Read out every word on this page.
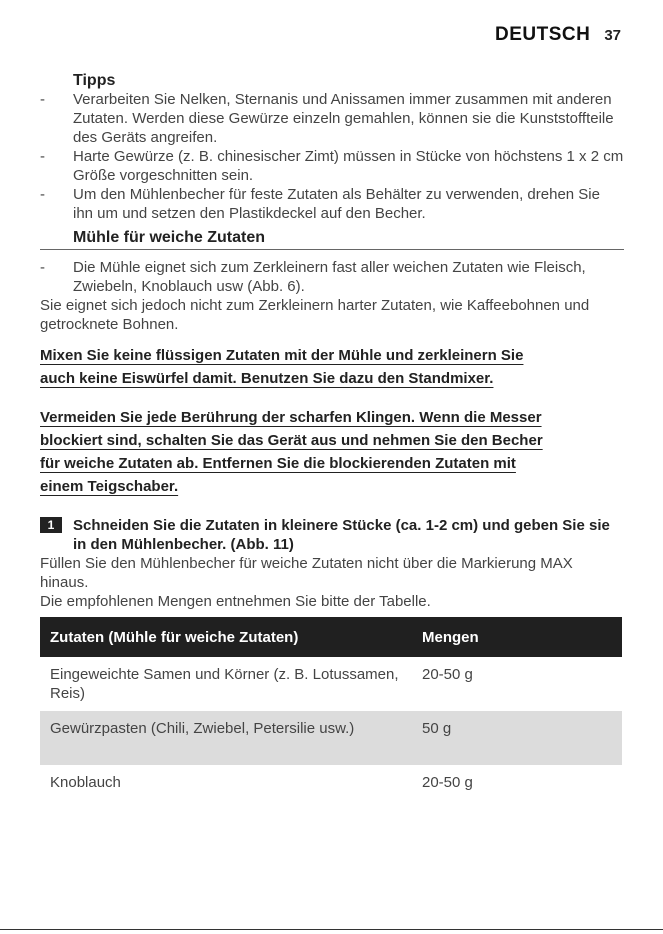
DEUTSCH 37

Tipps

- Verarbeiten Sie Nelken, Sternanis und Anissamen immer zusammen mit anderen Zutaten. Werden diese Gewürze einzeln gemahlen, können sie die Kunststoffteile des Geräts angreifen.
- Harte Gewürze (z. B. chinesischer Zimt) müssen in Stücke von höchstens 1 x 2 cm Größe vorgeschnitten sein.
- Um den Mühlenbecher für feste Zutaten als Behälter zu verwenden, drehen Sie ihn um und setzen den Plastikdeckel auf den Becher.

Mühle für weiche Zutaten

- Die Mühle eignet sich zum Zerkleinern fast aller weichen Zutaten wie Fleisch, Zwiebeln, Knoblauch usw (Abb. 6).

Sie eignet sich jedoch nicht zum Zerkleinern harter Zutaten, wie Kaffeebohnen und getrocknete Bohnen.

Mixen Sie keine flüssigen Zutaten mit der Mühle und zerkleinern Sie
auch keine Eiswürfel damit. Benutzen Sie dazu den Standmixer.

Vermeiden Sie jede Berührung der scharfen Klingen. Wenn die Messer
blockiert sind, schalten Sie das Gerät aus und nehmen Sie den Becher
für weiche Zutaten ab. Entfernen Sie die blockierenden Zutaten mit
einem Teigschaber.

1	Schneiden Sie die Zutaten in kleinere Stücke (ca. 1-2 cm) und geben Sie sie in den Mühlenbecher. (Abb. 11)

Füllen Sie den Mühlenbecher für weiche Zutaten nicht über die Markierung MAX hinaus.

Die empfohlenen Mengen entnehmen Sie bitte der Tabelle.

Zutaten (Mühle für weiche Zutaten)	Mengen
Eingeweichte Samen und Körner (z. B. Lotussamen, Reis)	20-50 g
Gewürzpasten (Chili, Zwiebel, Petersilie usw.)	50 g
Knoblauch	20-50 g
